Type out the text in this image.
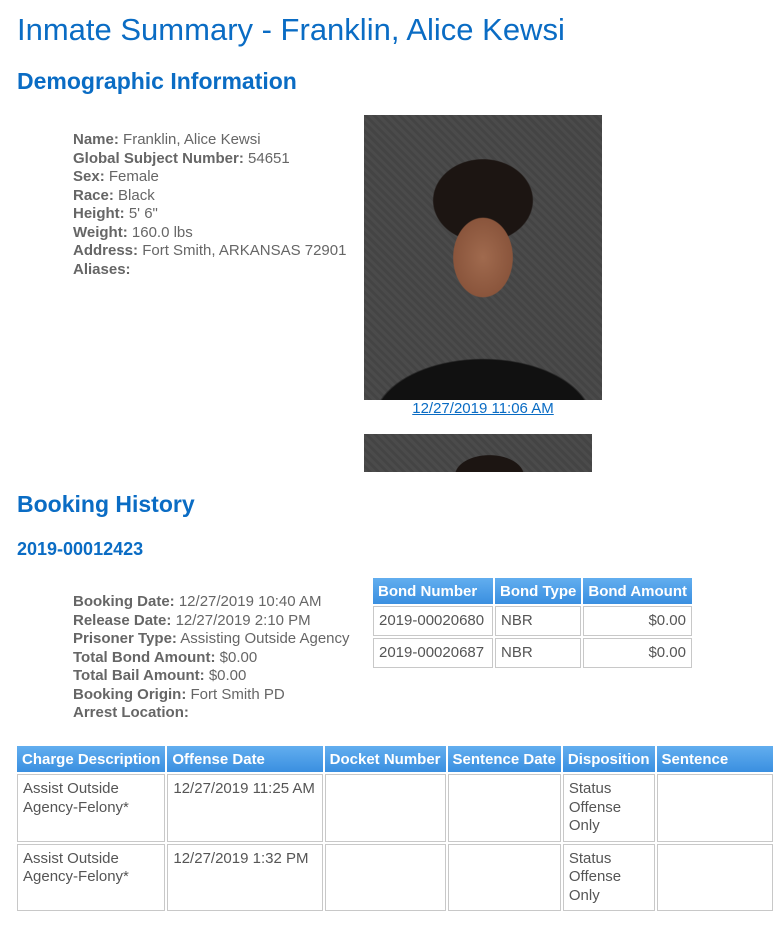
Inmate Summary - Franklin, Alice Kewsi
Demographic Information
Name: Franklin, Alice Kewsi
Global Subject Number: 54651
Sex: Female
Race: Black
Height: 5' 6"
Weight: 160.0 lbs
Address: Fort Smith, ARKANSAS 72901
Aliases:
12/27/2019 11:06 AM
Booking History
2019-00012423
Booking Date: 12/27/2019 10:40 AM
Release Date: 12/27/2019 2:10 PM
Prisoner Type: Assisting Outside Agency
Total Bond Amount: $0.00
Total Bail Amount: $0.00
Booking Origin: Fort Smith PD
Arrest Location:
Bond Number	Bond Type	Bond Amount
2019-00020680	NBR	$0.00
2019-00020687	NBR	$0.00
Charge Description	Offense Date	Docket Number	Sentence Date	Disposition	Sentence
Assist Outside Agency-Felony*	12/27/2019 11:25 AM			Status Offense Only	
Assist Outside Agency-Felony*	12/27/2019 1:32 PM			Status Offense Only	
